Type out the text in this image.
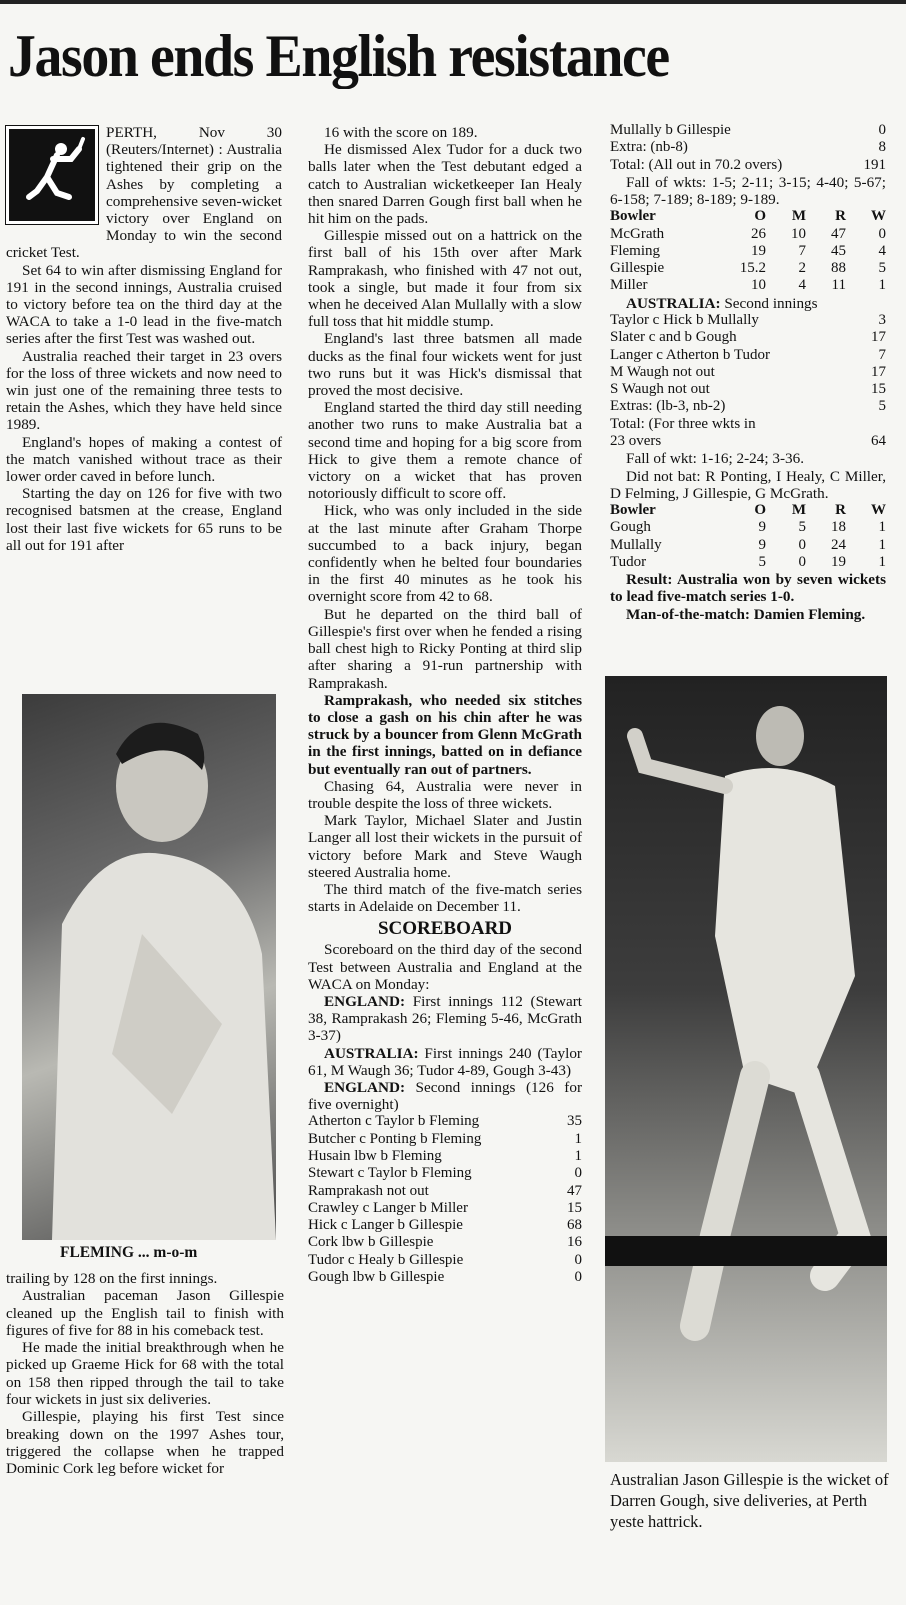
Jason ends English resistance

PERTH, Nov 30 (Reuters/Internet) : Australia tightened their grip on the Ashes by completing a comprehensive seven-wicket victory over England on Monday to win the second cricket Test.

Set 64 to win after dismissing England for 191 in the second innings, Australia cruised to victory before tea on the third day at the WACA to take a 1-0 lead in the five-match series after the first Test was washed out.

Australia reached their target in 23 overs for the loss of three wickets and now need to win just one of the remaining three tests to retain the Ashes, which they have held since 1989.

England's hopes of making a contest of the match vanished without trace as their lower order caved in before lunch.

Starting the day on 126 for five with two recognised batsmen at the crease, England lost their last five wickets for 65 runs to be all out for 191 after

FLEMING ... m-o-m

trailing by 128 on the first innings.

Australian paceman Jason Gillespie cleaned up the English tail to finish with figures of five for 88 in his comeback test.

He made the initial breakthrough when he picked up Graeme Hick for 68 with the total on 158 then ripped through the tail to take four wickets in just six deliveries.

Gillespie, playing his first Test since breaking down on the 1997 Ashes tour, triggered the collapse when he trapped Dominic Cork leg before wicket for

16 with the score on 189.

He dismissed Alex Tudor for a duck two balls later when the Test debutant edged a catch to Australian wicketkeeper Ian Healy then snared Darren Gough first ball when he hit him on the pads.

Gillespie missed out on a hattrick on the first ball of his 15th over after Mark Ramprakash, who finished with 47 not out, took a single, but made it four from six when he deceived Alan Mullally with a slow full toss that hit middle stump.

England's last three batsmen all made ducks as the final four wickets went for just two runs but it was Hick's dismissal that proved the most decisive.

England started the third day still needing another two runs to make Australia bat a second time and hoping for a big score from Hick to give them a remote chance of victory on a wicket that has proven notoriously difficult to score off.

Hick, who was only included in the side at the last minute after Graham Thorpe succumbed to a back injury, began confidently when he belted four boundaries in the first 40 minutes as he took his overnight score from 42 to 68.

But he departed on the third ball of Gillespie's first over when he fended a rising ball chest high to Ricky Ponting at third slip after sharing a 91-run partnership with Ramprakash.

Ramprakash, who needed six stitches to close a gash on his chin after he was struck by a bouncer from Glenn McGrath in the first innings, batted on in defiance but eventually ran out of partners.

Chasing 64, Australia were never in trouble despite the loss of three wickets.

Mark Taylor, Michael Slater and Justin Langer all lost their wickets in the pursuit of victory before Mark and Steve Waugh steered Australia home.

The third match of the five-match series starts in Adelaide on December 11.

SCOREBOARD

Scoreboard on the third day of the second Test between Australia and England at the WACA on Monday:

ENGLAND: First innings 112 (Stewart 38, Ramprakash 26; Fleming 5-46, McGrath 3-37)

AUSTRALIA: First innings 240 (Taylor 61, M Waugh 36; Tudor 4-89, Gough 3-43)

ENGLAND: Second innings (126 for five overnight)

Atherton c Taylor b Fleming	35
Butcher c Ponting b Fleming	1
Husain lbw b Fleming	1
Stewart c Taylor b Fleming	0
Ramprakash not out	47
Crawley c Langer b Miller	15
Hick c Langer b Gillespie	68
Cork lbw b Gillespie	16
Tudor c Healy b Gillespie	0
Gough lbw b Gillespie	0
Mullally b Gillespie	0
Extra: (nb-8)	8
Total: (All out in 70.2 overs)	191

Fall of wkts: 1-5; 2-11; 3-15; 4-40; 5-67; 6-158; 7-189; 8-189; 9-189.

Bowler	O	M	R	W
McGrath	26	10	47	0
Fleming	19	7	45	4
Gillespie	15.2	2	88	5
Miller	10	4	11	1

AUSTRALIA: Second innings

Taylor c Hick b Mullally	3
Slater c and b Gough	17
Langer c Atherton b Tudor	7
M Waugh not out	17
S Waugh not out	15
Extras: (lb-3, nb-2)	5
Total: (For three wkts in	
23 overs	64

Fall of wkt: 1-16; 2-24; 3-36.

Did not bat: R Ponting, I Healy, C Miller, D Felming, J Gillespie, G McGrath.

Bowler	O	M	R	W
Gough	9	5	18	1
Mullally	9	0	24	1
Tudor	5	0	19	1

Result: Australia won by seven wickets to lead five-match series 1-0.

Man-of-the-match: Damien Fleming.

Australian Jason Gillespie is the wicket of Darren Gough, sive deliveries, at Perth yeste hattrick.
